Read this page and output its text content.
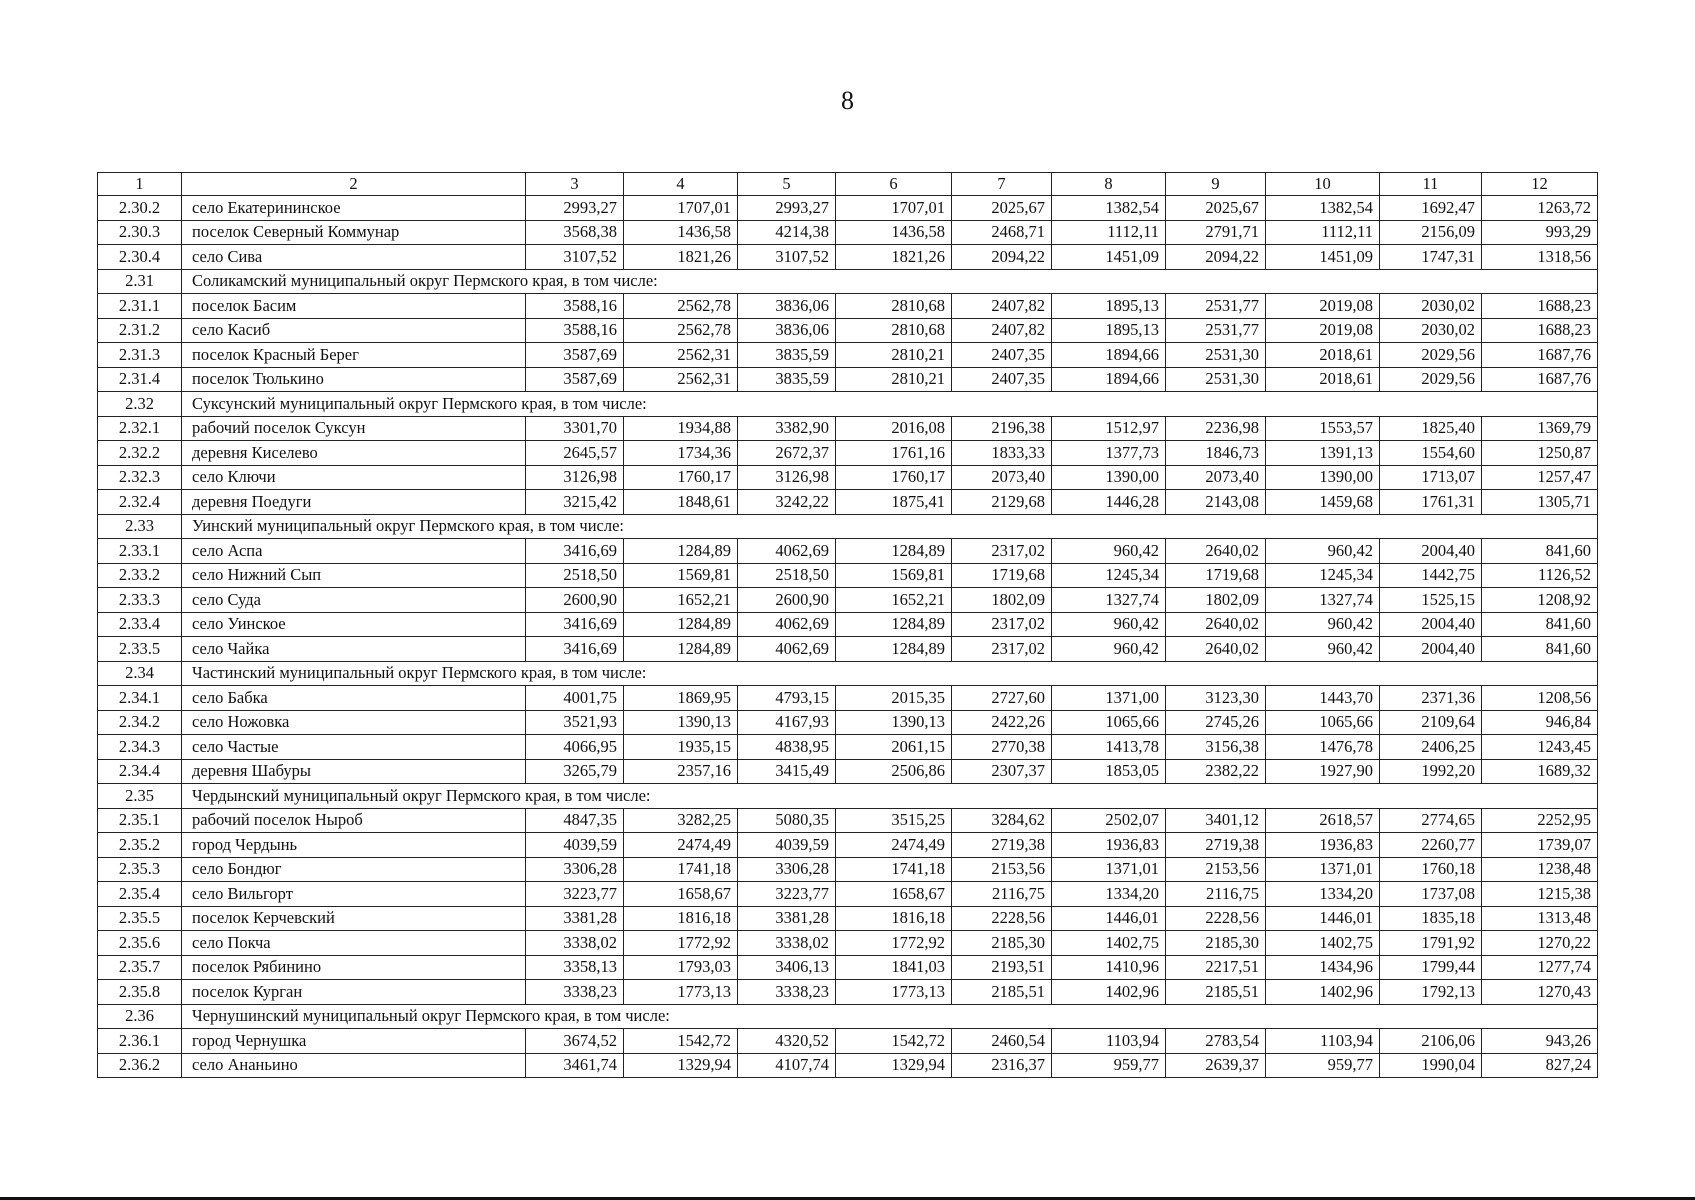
8
1	2	3	4	5	6	7	8	9	10	11	12
2.30.2	село Екатерининское	2993,27	1707,01	2993,27	1707,01	2025,67	1382,54	2025,67	1382,54	1692,47	1263,72
2.30.3	поселок Северный Коммунар	3568,38	1436,58	4214,38	1436,58	2468,71	1112,11	2791,71	1112,11	2156,09	993,29
2.30.4	село Сива	3107,52	1821,26	3107,52	1821,26	2094,22	1451,09	2094,22	1451,09	1747,31	1318,56
2.31	Соликамский муниципальный округ Пермского края, в том числе:										
2.31.1	поселок Басим	3588,16	2562,78	3836,06	2810,68	2407,82	1895,13	2531,77	2019,08	2030,02	1688,23
2.31.2	село Касиб	3588,16	2562,78	3836,06	2810,68	2407,82	1895,13	2531,77	2019,08	2030,02	1688,23
2.31.3	поселок Красный Берег	3587,69	2562,31	3835,59	2810,21	2407,35	1894,66	2531,30	2018,61	2029,56	1687,76
2.31.4	поселок Тюлькино	3587,69	2562,31	3835,59	2810,21	2407,35	1894,66	2531,30	2018,61	2029,56	1687,76
2.32	Суксунский муниципальный округ Пермского края, в том числе:										
2.32.1	рабочий поселок Суксун	3301,70	1934,88	3382,90	2016,08	2196,38	1512,97	2236,98	1553,57	1825,40	1369,79
2.32.2	деревня Киселево	2645,57	1734,36	2672,37	1761,16	1833,33	1377,73	1846,73	1391,13	1554,60	1250,87
2.32.3	село Ключи	3126,98	1760,17	3126,98	1760,17	2073,40	1390,00	2073,40	1390,00	1713,07	1257,47
2.32.4	деревня Поедуги	3215,42	1848,61	3242,22	1875,41	2129,68	1446,28	2143,08	1459,68	1761,31	1305,71
2.33	Уинский муниципальный округ Пермского края, в том числе:										
2.33.1	село Аспа	3416,69	1284,89	4062,69	1284,89	2317,02	960,42	2640,02	960,42	2004,40	841,60
2.33.2	село Нижний Сып	2518,50	1569,81	2518,50	1569,81	1719,68	1245,34	1719,68	1245,34	1442,75	1126,52
2.33.3	село Суда	2600,90	1652,21	2600,90	1652,21	1802,09	1327,74	1802,09	1327,74	1525,15	1208,92
2.33.4	село Уинское	3416,69	1284,89	4062,69	1284,89	2317,02	960,42	2640,02	960,42	2004,40	841,60
2.33.5	село Чайка	3416,69	1284,89	4062,69	1284,89	2317,02	960,42	2640,02	960,42	2004,40	841,60
2.34	Частинский муниципальный округ Пермского края, в том числе:										
2.34.1	село Бабка	4001,75	1869,95	4793,15	2015,35	2727,60	1371,00	3123,30	1443,70	2371,36	1208,56
2.34.2	село Ножовка	3521,93	1390,13	4167,93	1390,13	2422,26	1065,66	2745,26	1065,66	2109,64	946,84
2.34.3	село Частые	4066,95	1935,15	4838,95	2061,15	2770,38	1413,78	3156,38	1476,78	2406,25	1243,45
2.34.4	деревня Шабуры	3265,79	2357,16	3415,49	2506,86	2307,37	1853,05	2382,22	1927,90	1992,20	1689,32
2.35	Чердынский муниципальный округ Пермского края, в том числе:										
2.35.1	рабочий поселок Ныроб	4847,35	3282,25	5080,35	3515,25	3284,62	2502,07	3401,12	2618,57	2774,65	2252,95
2.35.2	город Чердынь	4039,59	2474,49	4039,59	2474,49	2719,38	1936,83	2719,38	1936,83	2260,77	1739,07
2.35.3	село Бондюг	3306,28	1741,18	3306,28	1741,18	2153,56	1371,01	2153,56	1371,01	1760,18	1238,48
2.35.4	село Вильгорт	3223,77	1658,67	3223,77	1658,67	2116,75	1334,20	2116,75	1334,20	1737,08	1215,38
2.35.5	поселок Керчевский	3381,28	1816,18	3381,28	1816,18	2228,56	1446,01	2228,56	1446,01	1835,18	1313,48
2.35.6	село Покча	3338,02	1772,92	3338,02	1772,92	2185,30	1402,75	2185,30	1402,75	1791,92	1270,22
2.35.7	поселок Рябинино	3358,13	1793,03	3406,13	1841,03	2193,51	1410,96	2217,51	1434,96	1799,44	1277,74
2.35.8	поселок Курган	3338,23	1773,13	3338,23	1773,13	2185,51	1402,96	2185,51	1402,96	1792,13	1270,43
2.36	Чернушинский муниципальный округ Пермского края, в том числе:										
2.36.1	город Чернушка	3674,52	1542,72	4320,52	1542,72	2460,54	1103,94	2783,54	1103,94	2106,06	943,26
2.36.2	село Ананьино	3461,74	1329,94	4107,74	1329,94	2316,37	959,77	2639,37	959,77	1990,04	827,24
